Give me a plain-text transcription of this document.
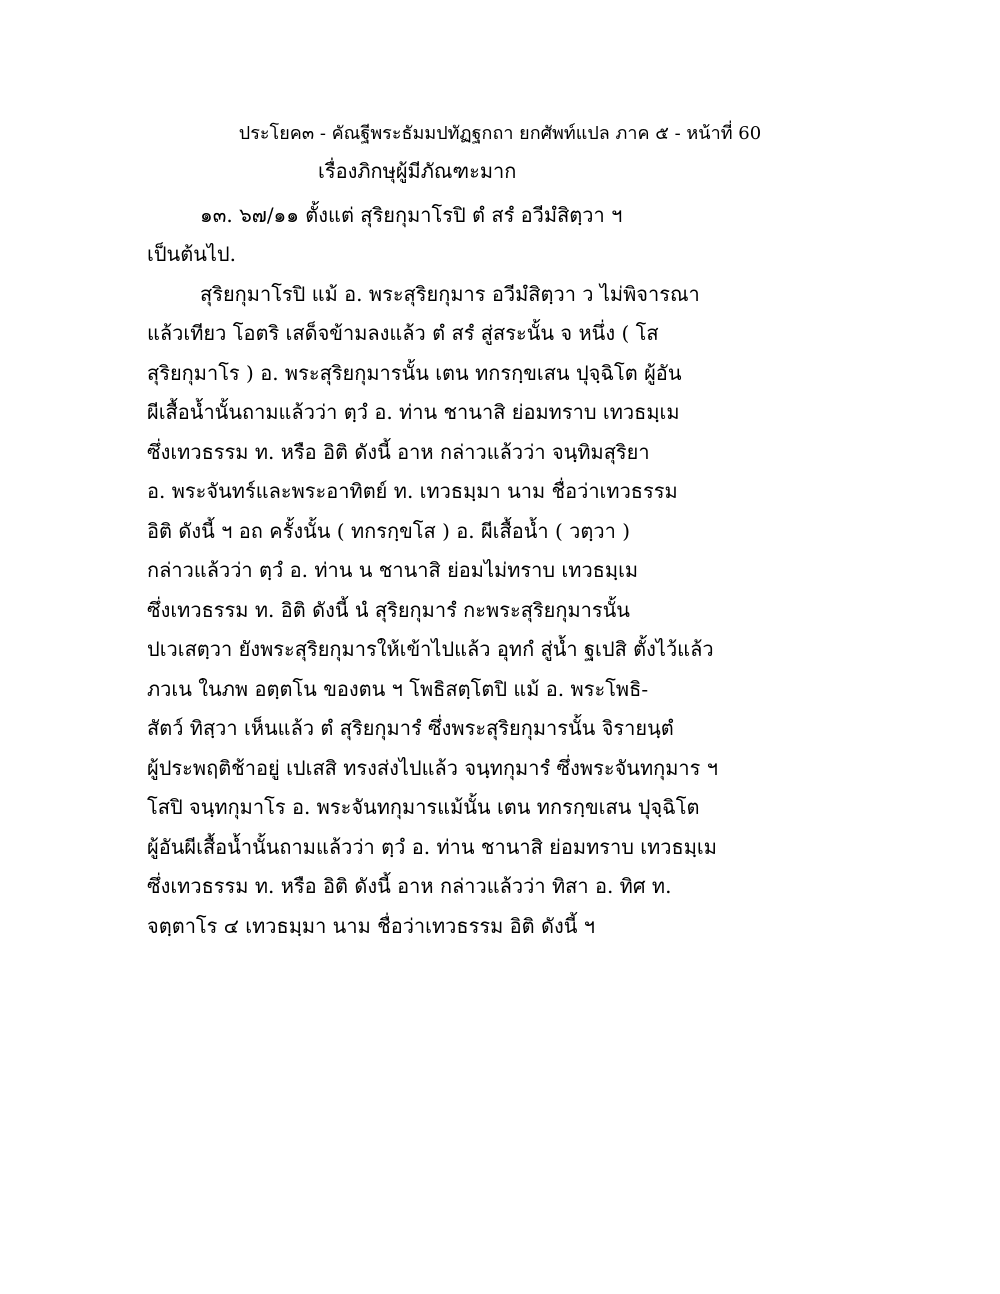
ประโยค๓ - คัณฐีพระธัมมปทัฏฐกถา ยกศัพท์แปล ภาค ๕ - หน้าที่ 60
เรื่องภิกษุผู้มีภัณฑะมาก
๑๓. ๖๗/๑๑ ตั้งแต่ สุริยกุมาโรปิ ตํ สรํ อวีมํสิตฺวา ฯ
เป็นต้นไป.
สุริยกุมาโรปิ แม้ อ. พระสุริยกุมาร อวีมํสิตฺวา ว ไม่พิจารณา
แล้วเทียว โอตริ เสด็จข้ามลงแล้ว ตํ สรํ สู่สระนั้น จ หนึ่ง ( โส
สุริยกุมาโร ) อ. พระสุริยกุมารนั้น เตน ทกรกฺขเสน ปุจฺฉิโต ผู้อัน
ผีเสื้อน้ำนั้นถามแล้วว่า ตฺวํ อ. ท่าน ชานาสิ ย่อมทราบ เทวธมฺเม
ซึ่งเทวธรรม ท. หรือ อิติ ดังนี้ อาห กล่าวแล้วว่า จนฺทิมสุริยา
อ. พระจันทร์และพระอาทิตย์ ท. เทวธมฺมา นาม ชื่อว่าเทวธรรม
อิติ ดังนี้ ฯ อถ ครั้งนั้น ( ทกรกฺขโส ) อ. ผีเสื้อน้ำ ( วตฺวา )
กล่าวแล้วว่า ตฺวํ อ. ท่าน น ชานาสิ ย่อมไม่ทราบ เทวธมฺเม
ซึ่งเทวธรรม ท. อิติ ดังนี้ นํ สุริยกุมารํ กะพระสุริยกุมารนั้น
ปเวเสตฺวา ยังพระสุริยกุมารให้เข้าไปแล้ว อุทกํ สู่น้ำ ฐเปสิ ตั้งไว้แล้ว
ภวเน ในภพ อตฺตโน ของตน ฯ โพธิสตฺโตปิ แม้ อ. พระโพธิ-
สัตว์ ทิสฺวา เห็นแล้ว ตํ สุริยกุมารํ ซึ่งพระสุริยกุมารนั้น จิรายนฺตํ
ผู้ประพฤติช้าอยู่ เปเสสิ ทรงส่งไปแล้ว จนฺทกุมารํ ซึ่งพระจันทกุมาร ฯ
โสปิ จนฺทกุมาโร อ. พระจันทกุมารแม้นั้น เตน ทกรกฺขเสน ปุจฺฉิโต
ผู้อันผีเสื้อน้ำนั้นถามแล้วว่า ตฺวํ อ. ท่าน ชานาสิ ย่อมทราบ เทวธมฺเม
ซึ่งเทวธรรม ท. หรือ อิติ ดังนี้ อาห กล่าวแล้วว่า ทิสา อ. ทิศ ท.
จตฺตาโร ๔ เทวธมฺมา นาม ชื่อว่าเทวธรรม อิติ ดังนี้ ฯ
